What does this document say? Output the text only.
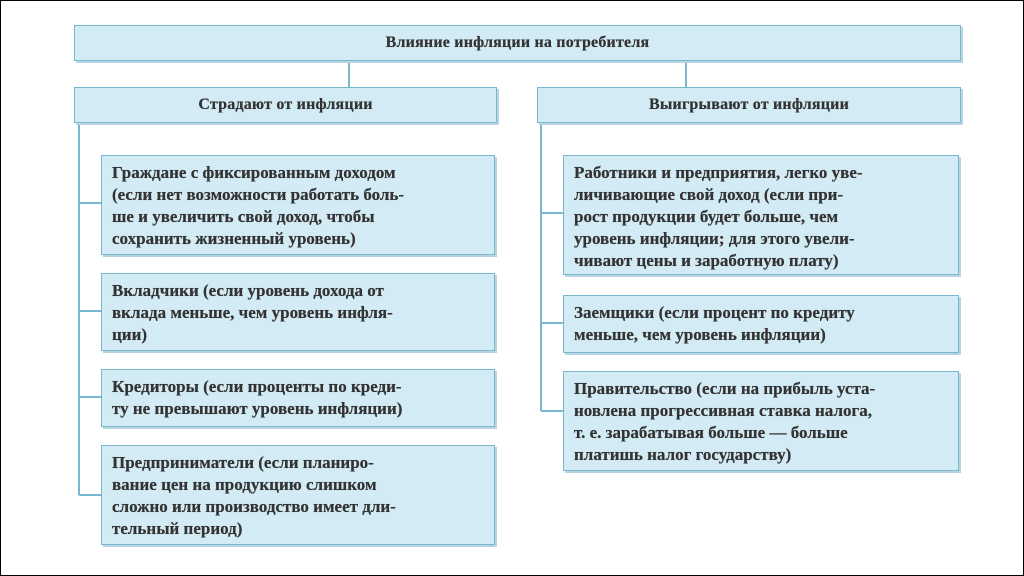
Влияние инфляции на потребителя
Страдают от инфляции	Выигрывают от инфляции
Граждане с фиксированным доходом
(если нет возможности работать боль-
ше и увеличить свой доход, чтобы
сохранить жизненный уровень)
Вкладчики (если уровень дохода от
вклада меньше, чем уровень инфля-
ции)
Кредиторы (если проценты по креди-
ту не превышают уровень инфляции)
Предприниматели (если планиро-
вание цен на продукцию слишком
сложно или производство имеет дли-
тельный период)
Работники и предприятия, легко уве-
личивающие свой доход (если при-
рост продукции будет больше, чем
уровень инфляции; для этого увели-
чивают цены и заработную плату)
Заемщики (если процент по кредиту
меньше, чем уровень инфляции)
Правительство (если на прибыль уста-
новлена прогрессивная ставка налога,
т. е. зарабатывая больше — больше
платишь налог государству)
